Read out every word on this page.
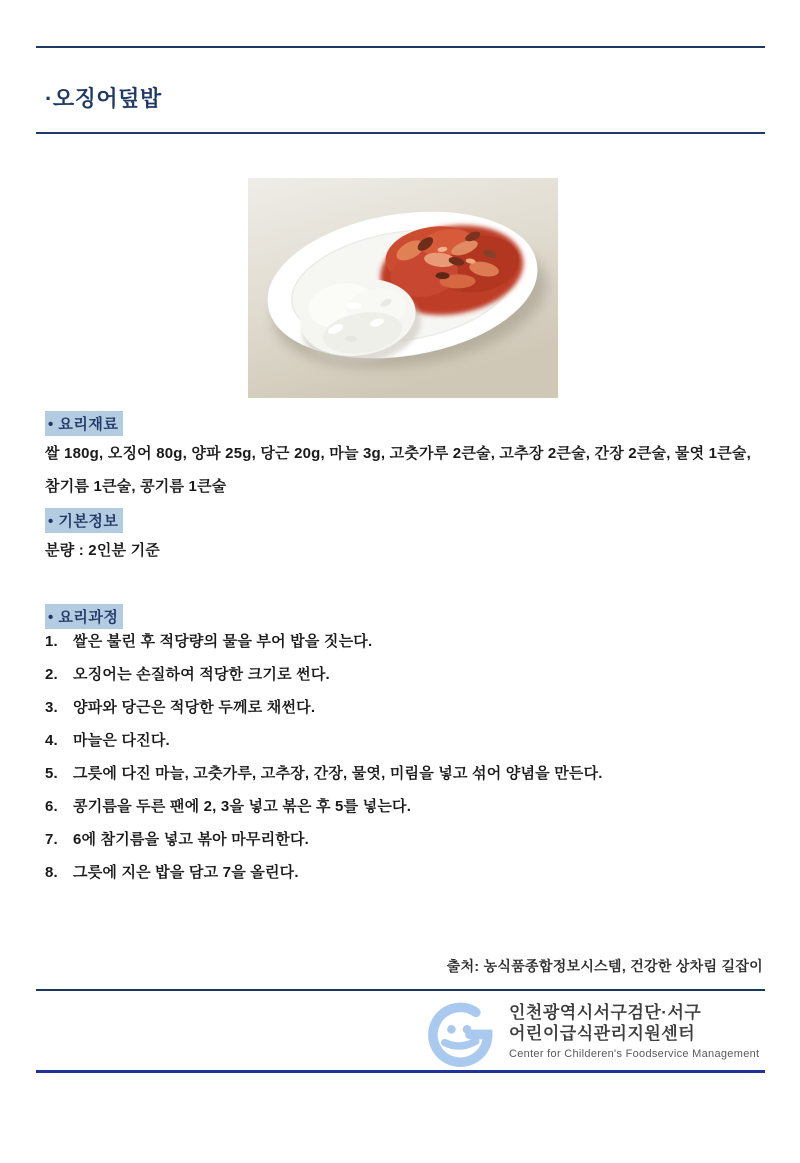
·오징어덮밥
• 요리재료

쌀 180g, 오징어 80g, 양파 25g, 당근 20g, 마늘 3g, 고춧가루 2큰술, 고추장 2큰술, 간장 2큰술, 물엿 1큰술, 참기름 1큰술, 콩기름 1큰술

• 기본정보

분량 : 2인분 기준

• 요리과정
1.	쌀은 불린 후 적당량의 물을 부어 밥을 짓는다.
2.	오징어는 손질하여 적당한 크기로 썬다.
3.	양파와 당근은 적당한 두께로 채썬다.
4.	마늘은 다진다.
5.	그릇에 다진 마늘, 고춧가루, 고추장, 간장, 물엿, 미림을 넣고 섞어 양념을 만든다.
6.	콩기름을 두른 팬에 2, 3을 넣고 볶은 후 5를 넣는다.
7.	6에 참기름을 넣고 볶아 마무리한다.
8.	그릇에 지은 밥을 담고 7을 올린다.

출처: 농식품종합정보시스템, 건강한 상차림 길잡이

인천광역시서구검단·서구

어린이급식관리지원센터

Center for Childeren's Foodservice Management
